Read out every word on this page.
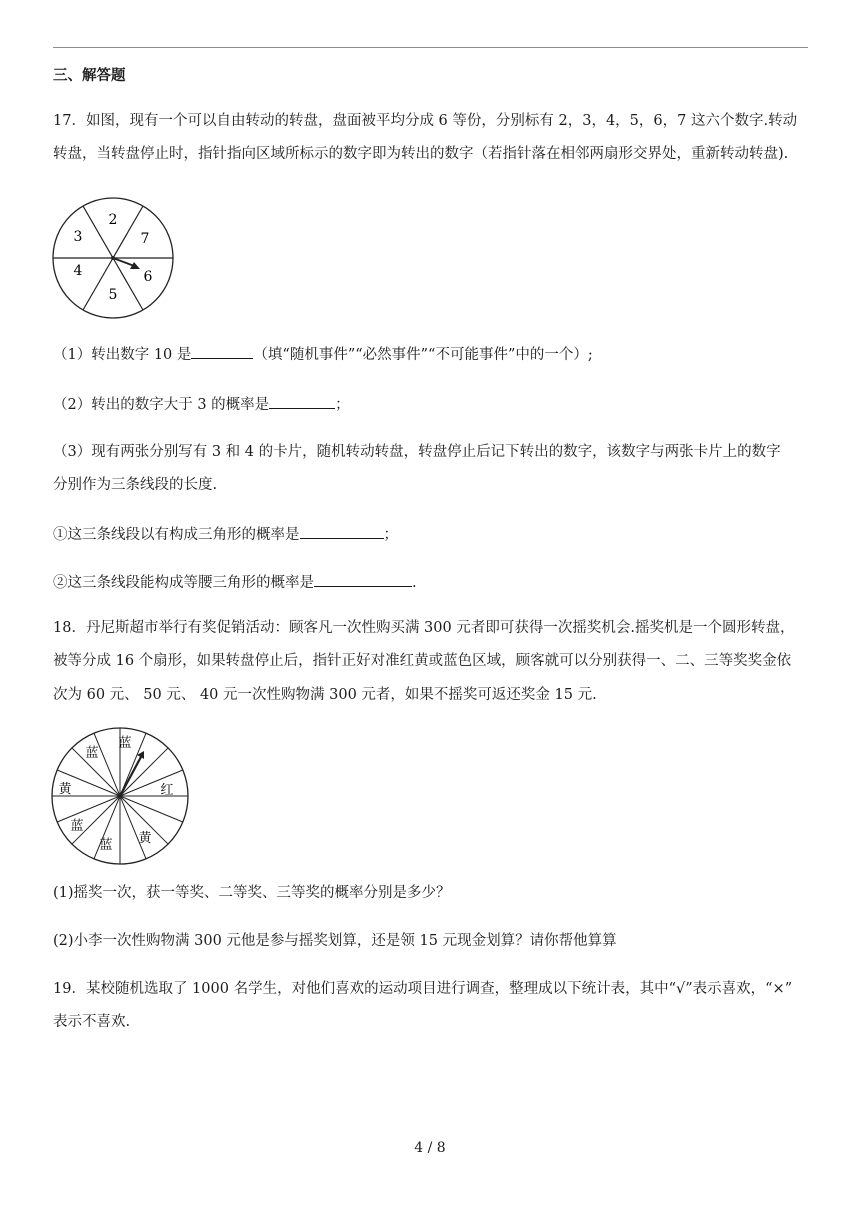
三、解答题
17．如图，现有一个可以自由转动的转盘，盘面被平均分成 6 等份，分别标有 2，3，4，5，6，7 这六个数字.转动
转盘，当转盘停止时，指针指向区域所标示的数字即为转出的数字（若指针落在相邻两扇形交界处，重新转动转盘).
2
7
6
5
4
3
（1）转出数字 10 是	（填“随机事件”“必然事件”“不可能事件”中的一个）;
（2）转出的数字大于 3 的概率是	；
（3）现有两张分别写有 3 和 4 的卡片，随机转动转盘，转盘停止后记下转出的数字，该数字与两张卡片上的数字
分别作为三条线段的长度.
①这三条线段以有构成三角形的概率是	；
②这三条线段能构成等腰三角形的概率是	.
18．丹尼斯超市举行有奖促销活动：顾客凡一次性购买满 300 元者即可获得一次摇奖机会.摇奖机是一个圆形转盘，
被等分成 16 个扇形，如果转盘停止后，指针正好对准红黄或蓝色区域，顾客就可以分别获得一、二、三等奖奖金依
次为 60 元、 50 元、 40 元一次性购物满 300 元者，如果不摇奖可返还奖金 15 元.
蓝
蓝
红
黄
蓝
蓝
黄
(1)摇奖一次，获一等奖、二等奖、三等奖的概率分别是多少？
(2)小李一次性购物满 300 元他是参与摇奖划算，还是领 15 元现金划算？请你帮他算算
19．某校随机选取了 1000 名学生，对他们喜欢的运动项目进行调查，整理成以下统计表，其中“√”表示喜欢，“×”
表示不喜欢.
4 / 8
